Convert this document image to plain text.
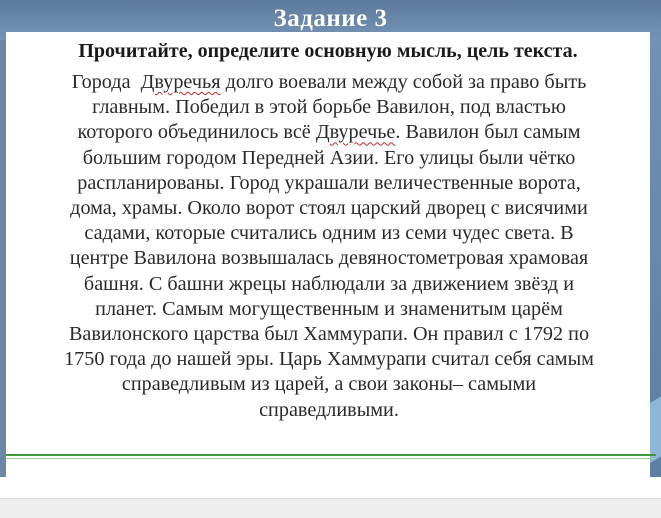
Задание 3
Прочитайте, определите основную мысль, цель текста.
Города  Двуречья долго воевали между собой за право быть
главным. Победил в этой борьбе Вавилон, под властью
которого объединилось всё Двуречье. Вавилон был самым
большим городом Передней Азии. Его улицы были чётко
распланированы. Город украшали величественные ворота,
дома, храмы. Около ворот стоял царский дворец с висячими
садами, которые считались одним из семи чудес света. В
центре Вавилона возвышалась девяностометровая храмовая
башня. С башни жрецы наблюдали за движением звёзд и
планет. Самым могущественным и знаменитым царём
Вавилонского царства был Хаммурапи. Он правил с 1792 по
1750 года до нашей эры. Царь Хаммурапи считал себя самым
справедливым из царей, а свои законы– самыми
справедливыми.
